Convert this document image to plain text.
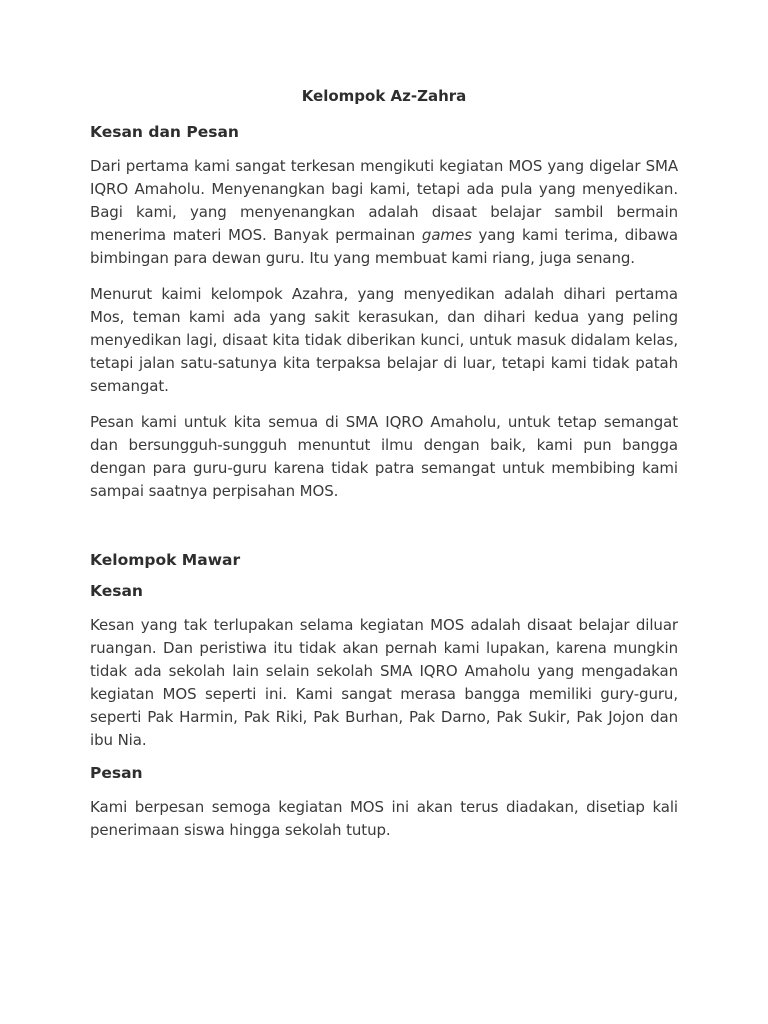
Kelompok Az-Zahra
Kesan dan Pesan

Dari pertama kami sangat terkesan mengikuti kegiatan MOS yang digelar SMA IQRO Amaholu. Menyenangkan bagi kami, tetapi ada pula yang menyedikan. Bagi kami, yang menyenangkan adalah disaat belajar sambil bermain menerima materi MOS. Banyak permainan games yang kami terima, dibawa bimbingan para dewan guru. Itu yang membuat kami riang, juga senang.

Menurut kaimi kelompok Azahra, yang menyedikan adalah dihari pertama Mos, teman kami ada yang sakit kerasukan, dan dihari kedua yang peling menyedikan lagi, disaat kita tidak diberikan kunci, untuk masuk didalam kelas, tetapi jalan satu-satunya kita terpaksa belajar di luar, tetapi kami tidak patah semangat.

Pesan kami untuk kita semua di SMA IQRO Amaholu, untuk tetap semangat dan bersungguh-sungguh menuntut ilmu dengan baik, kami pun bangga dengan para guru-guru karena tidak patra semangat untuk membibing kami sampai saatnya perpisahan MOS.

Kelompok Mawar
Kesan

Kesan yang tak terlupakan selama kegiatan MOS adalah disaat belajar diluar ruangan. Dan peristiwa itu tidak akan pernah kami lupakan, karena mungkin tidak ada sekolah lain selain sekolah SMA IQRO Amaholu yang mengadakan kegiatan MOS seperti ini. Kami sangat merasa bangga memiliki gury-guru, seperti Pak Harmin, Pak Riki, Pak Burhan, Pak Darno, Pak Sukir, Pak Jojon dan ibu Nia.

Pesan

Kami berpesan semoga kegiatan MOS ini akan terus diadakan, disetiap kali penerimaan siswa hingga sekolah tutup.
